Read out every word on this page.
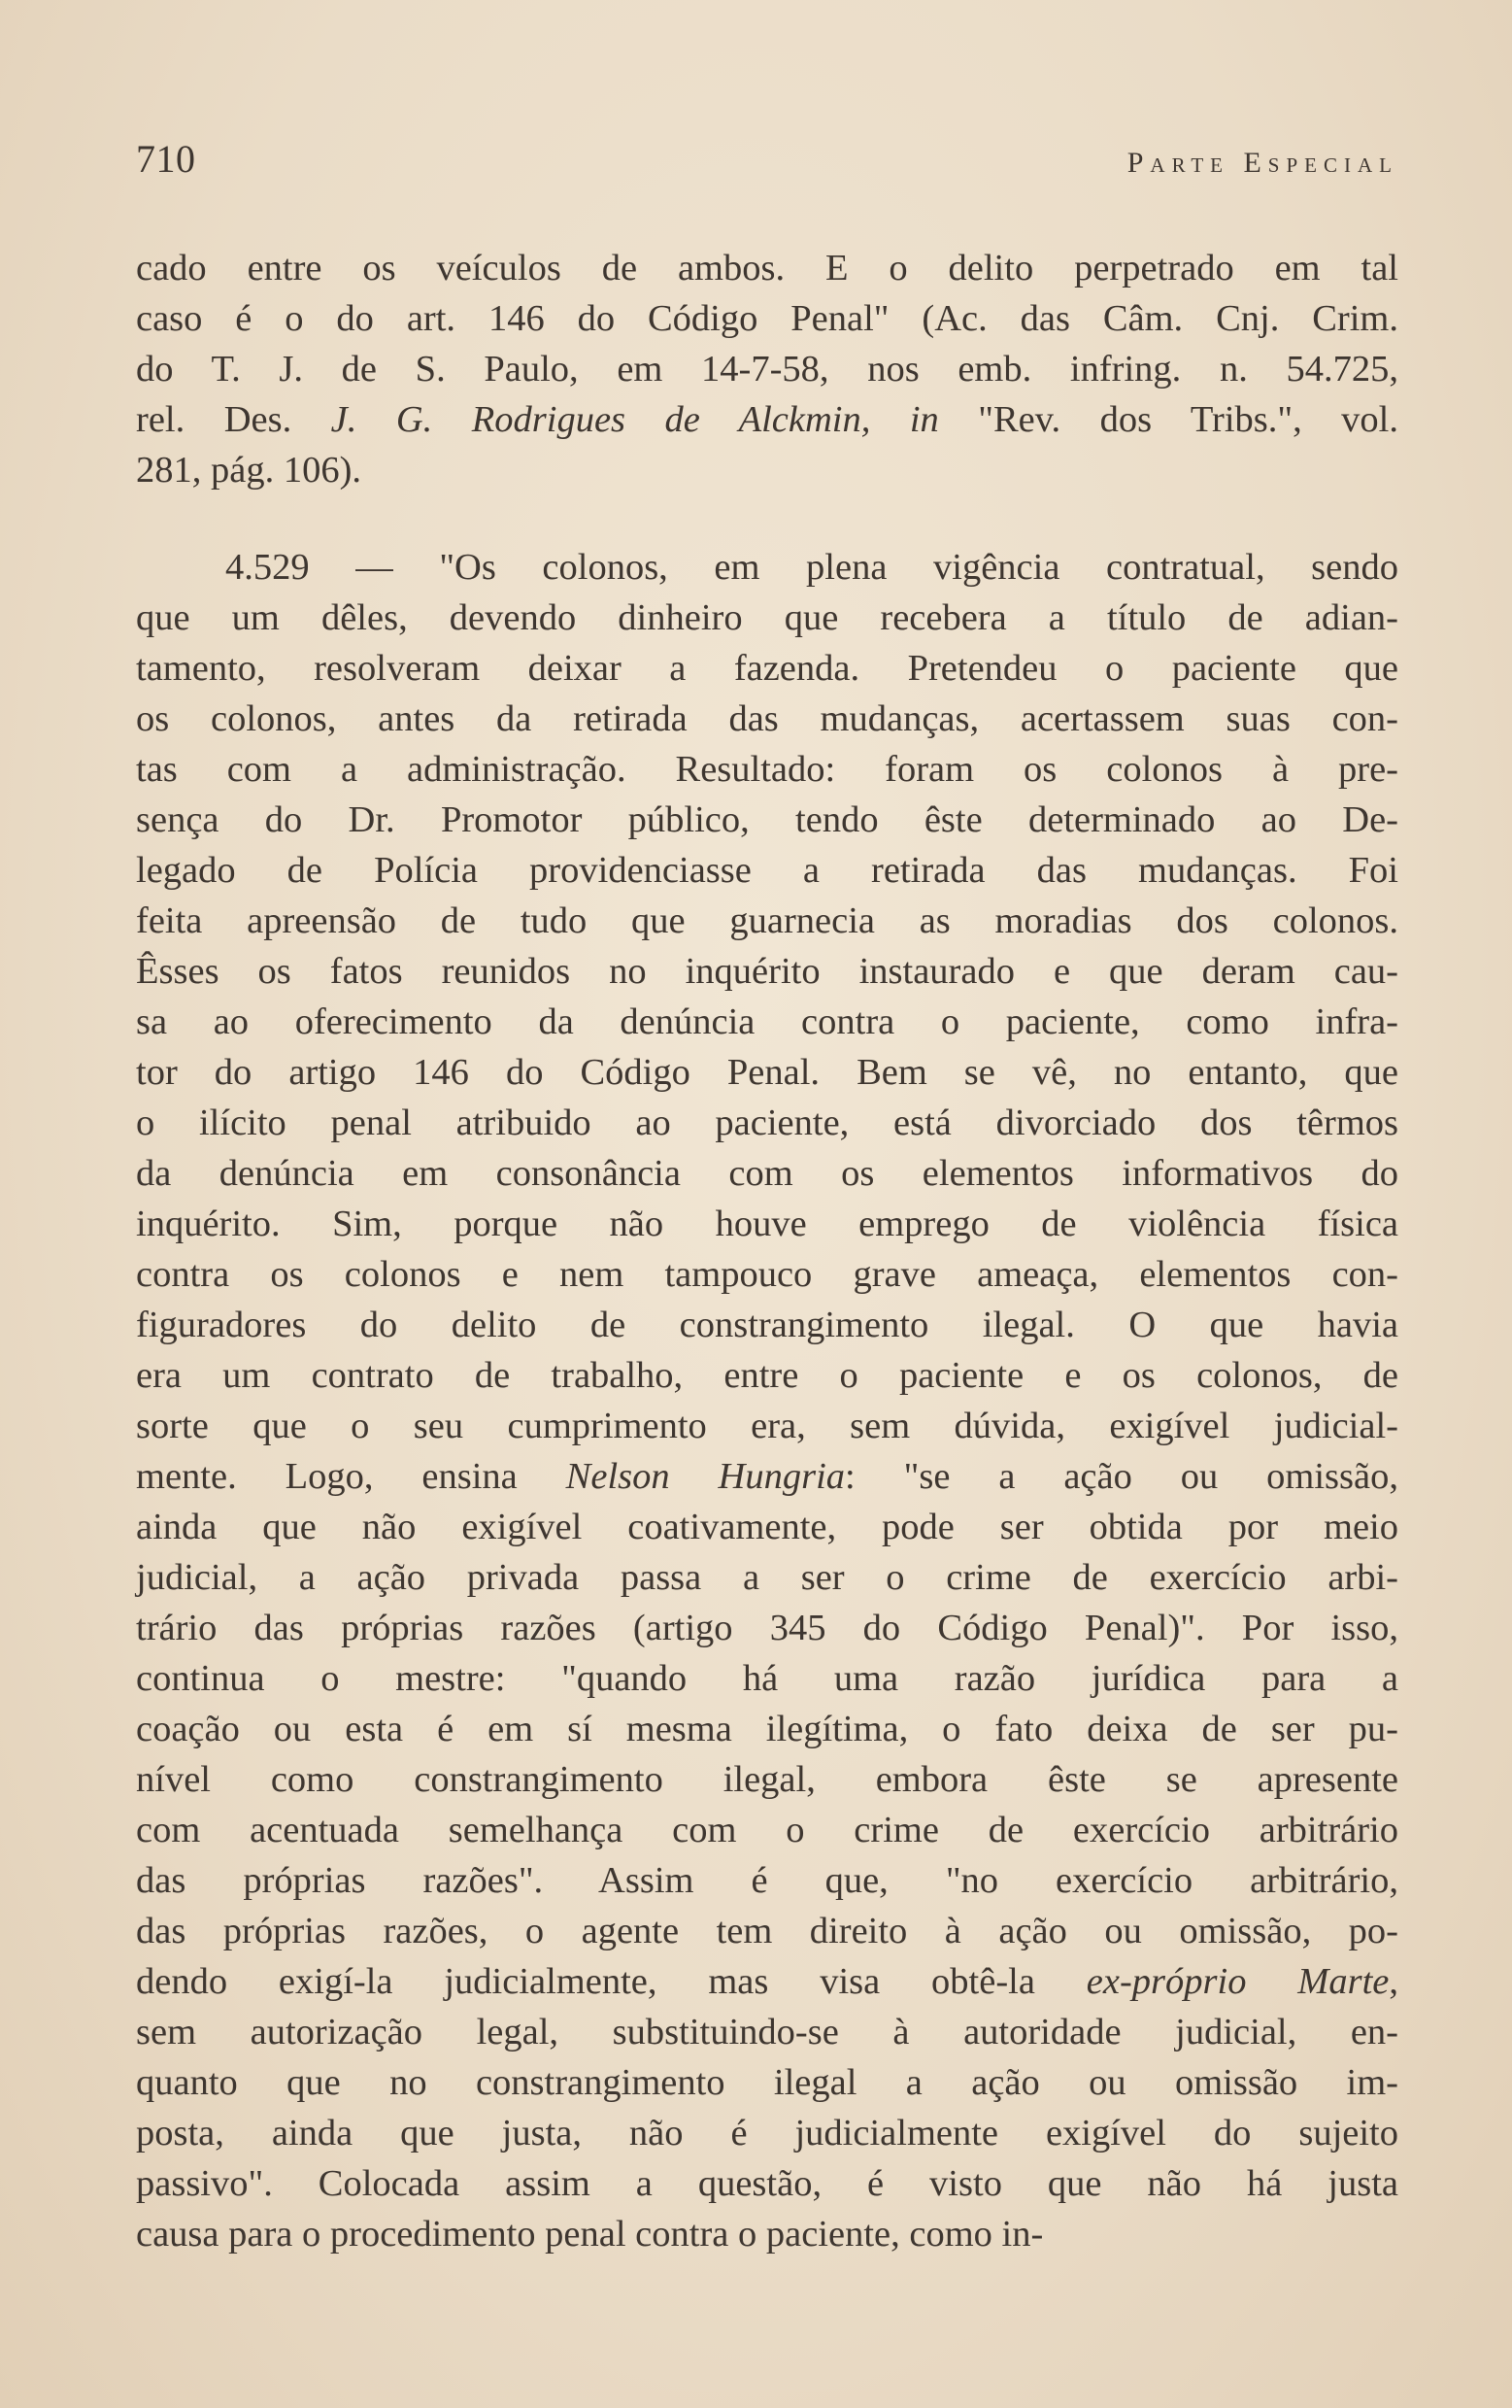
710	Parte Especial

cado entre os veículos de ambos. E o delito perpetrado em tal
caso é o do art. 146 do Código Penal" (Ac. das Câm. Cnj. Crim.
do T. J. de S. Paulo, em 14-7-58, nos emb. infring. n. 54.725,
rel. Des. J. G. Rodrigues de Alckmin, in "Rev. dos Tribs.", vol.
281, pág. 106).

4.529 — "Os colonos, em plena vigência contratual, sendo
que um dêles, devendo dinheiro que recebera a título de adian-
tamento, resolveram deixar a fazenda. Pretendeu o paciente que
os colonos, antes da retirada das mudanças, acertassem suas con-
tas com a administração. Resultado: foram os colonos à pre-
sença do Dr. Promotor público, tendo êste determinado ao De-
legado de Polícia providenciasse a retirada das mudanças. Foi
feita apreensão de tudo que guarnecia as moradias dos colonos.
Êsses os fatos reunidos no inquérito instaurado e que deram cau-
sa ao oferecimento da denúncia contra o paciente, como infra-
tor do artigo 146 do Código Penal. Bem se vê, no entanto, que
o ilícito penal atribuido ao paciente, está divorciado dos têrmos
da denúncia em consonância com os elementos informativos do
inquérito. Sim, porque não houve emprego de violência física
contra os colonos e nem tampouco grave ameaça, elementos con-
figuradores do delito de constrangimento ilegal. O que havia
era um contrato de trabalho, entre o paciente e os colonos, de
sorte que o seu cumprimento era, sem dúvida, exigível judicial-
mente. Logo, ensina Nelson Hungria: "se a ação ou omissão,
ainda que não exigível coativamente, pode ser obtida por meio
judicial, a ação privada passa a ser o crime de exercício arbi-
trário das próprias razões (artigo 345 do Código Penal)". Por isso,
continua o mestre: "quando há uma razão jurídica para a
coação ou esta é em sí mesma ilegítima, o fato deixa de ser pu-
nível como constrangimento ilegal, embora êste se apresente
com acentuada semelhança com o crime de exercício arbitrário
das próprias razões". Assim é que, "no exercício arbitrário,
das próprias razões, o agente tem direito à ação ou omissão, po-
dendo exigí-la judicialmente, mas visa obtê-la ex-próprio Marte,
sem autorização legal, substituindo-se à autoridade judicial, en-
quanto que no constrangimento ilegal a ação ou omissão im-
posta, ainda que justa, não é judicialmente exigível do sujeito
passivo". Colocada assim a questão, é visto que não há justa
causa para o procedimento penal contra o paciente, como in-
